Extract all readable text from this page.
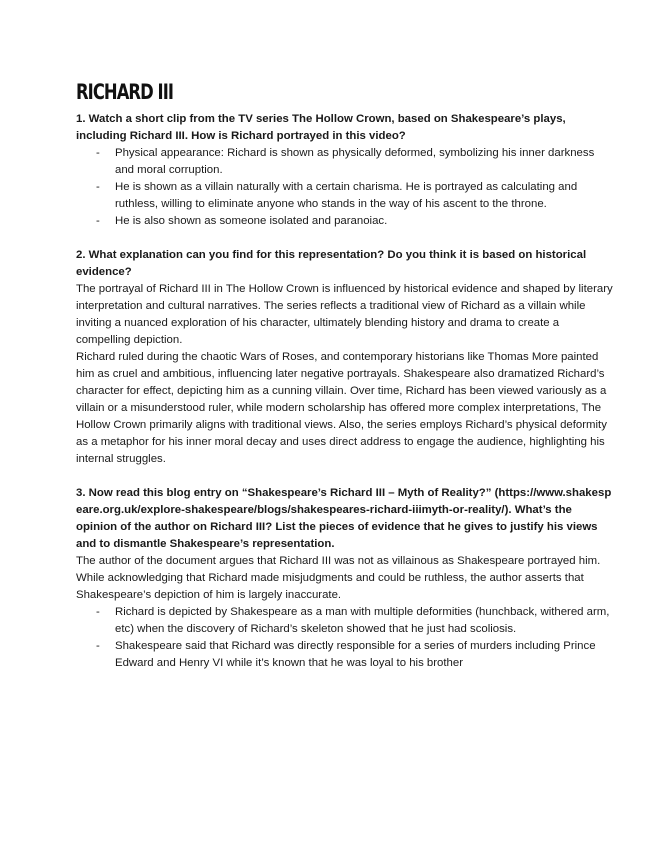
RICHARD III

1. Watch a short clip from the TV series The Hollow Crown, based on Shakespeare’s plays, including Richard III. How is Richard portrayed in this video?

-	Physical appearance: Richard is shown as physically deformed, symbolizing his inner darkness and moral corruption.
-	He is shown as a villain naturally with a certain charisma. He is portrayed as calculating and ruthless, willing to eliminate anyone who stands in the way of his ascent to the throne.
-	He is also shown as someone isolated and paranoiac.

2. What explanation can you find for this representation? Do you think it is based on historical evidence?

The portrayal of Richard III in The Hollow Crown is influenced by historical evidence and shaped by literary interpretation and cultural narratives. The series reflects a traditional view of Richard as a villain while inviting a nuanced exploration of his character, ultimately blending history and drama to create a compelling depiction.

Richard ruled during the chaotic Wars of Roses, and contemporary historians like Thomas More painted him as cruel and ambitious, influencing later negative portrayals. Shakespeare also dramatized Richard’s character for effect, depicting him as a cunning villain. Over time, Richard has been viewed variously as a villain or a misunderstood ruler, while modern scholarship has offered more complex interpretations, The Hollow Crown primarily aligns with traditional views. Also, the series employs Richard’s physical deformity as a metaphor for his inner moral decay and uses direct address to engage the audience, highlighting his internal struggles.

3. Now read this blog entry on “Shakespeare’s Richard III – Myth of Reality?” (https://www.shakespeare.org.uk/explore-shakespeare/blogs/shakespeares-richard-iiimyth-or-reality/). What’s the opinion of the author on Richard III? List the pieces of evidence that he gives to justify his views and to dismantle Shakespeare’s representation.

The author of the document argues that Richard III was not as villainous as Shakespeare portrayed him. While acknowledging that Richard made misjudgments and could be ruthless, the author asserts that Shakespeare’s depiction of him is largely inaccurate.

-	Richard is depicted by Shakespeare as a man with multiple deformities (hunchback, withered arm, etc) when the discovery of Richard’s skeleton showed that he just had scoliosis.
-	Shakespeare said that Richard was directly responsible for a series of murders including Prince Edward and Henry VI while it’s known that he was loyal to his brother
